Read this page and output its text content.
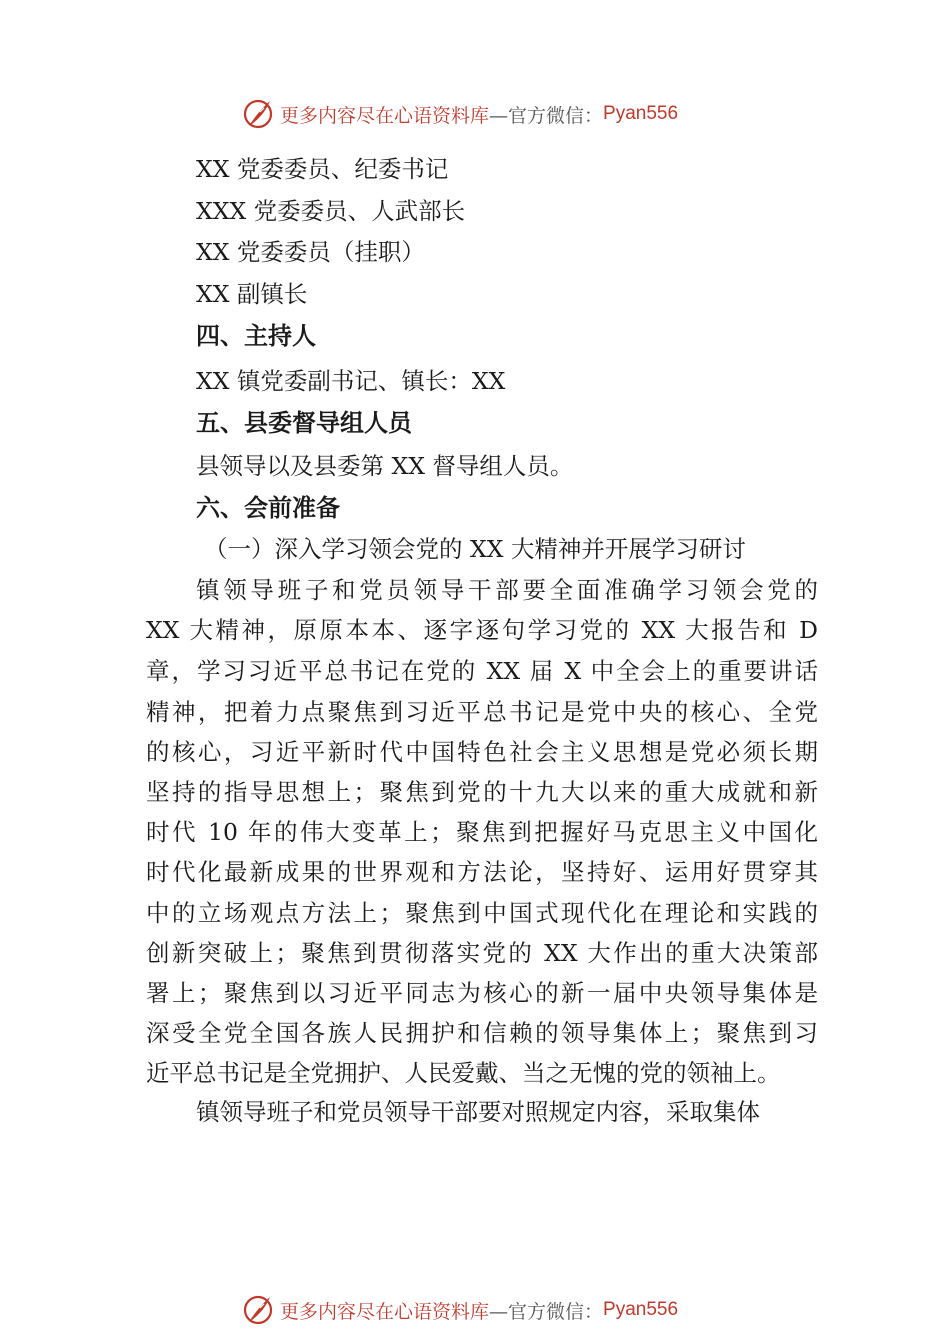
更多内容尽在心语资料库 —官方微信： Pyan556
XX 党委委员、纪委书记
XXX 党委委员、人武部长
XX 党委委员（挂职）
XX 副镇长
四、主持人
XX 镇党委副书记、镇长：XX
五、县委督导组人员
县领导以及县委第 XX 督导组人员。
六、会前准备
（一）深入学习领会党的 XX 大精神并开展学习研讨
镇领导班子和党员领导干部要全面准确学习领会党的
XX 大精神，原原本本、逐字逐句学习党的 XX 大报告和 D
章，学习习近平总书记在党的 XX 届 X 中全会上的重要讲话
精神，把着力点聚焦到习近平总书记是党中央的核心、全党
的核心，习近平新时代中国特色社会主义思想是党必须长期
坚持的指导思想上；聚焦到党的十九大以来的重大成就和新
时代 10 年的伟大变革上；聚焦到把握好马克思主义中国化
时代化最新成果的世界观和方法论，坚持好、运用好贯穿其
中的立场观点方法上；聚焦到中国式现代化在理论和实践的
创新突破上；聚焦到贯彻落实党的 XX 大作出的重大决策部
署上；聚焦到以习近平同志为核心的新一届中央领导集体是
深受全党全国各族人民拥护和信赖的领导集体上；聚焦到习
近平总书记是全党拥护、人民爱戴、当之无愧的党的领袖上。
镇领导班子和党员领导干部要对照规定内容，采取集体
更多内容尽在心语资料库 —官方微信： Pyan556
